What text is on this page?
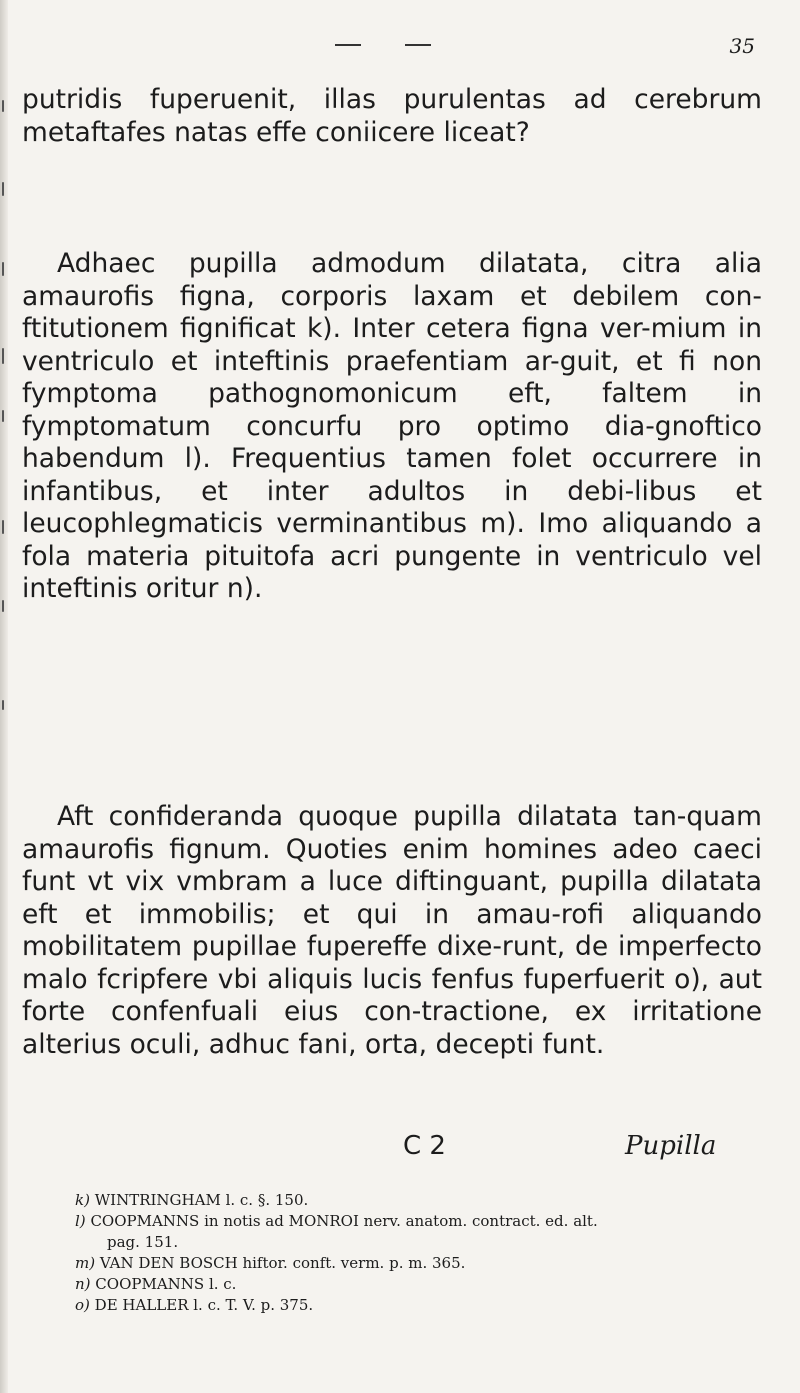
35

putridis fuperuenit, illas purulentas ad cerebrum metaftafes natas effe coniicere liceat?

Adhaec pupilla admodum dilatata, citra alia amaurofis figna, corporis laxam et debilem con-ftitutionem fignificat k). Inter cetera figna ver-mium in ventriculo et inteftinis praefentiam ar-guit, et fi non fymptoma pathognomonicum eft, faltem in fymptomatum concurfu pro optimo dia-gnoftico habendum l). Frequentius tamen folet occurrere in infantibus, et inter adultos in debi-libus et leucophlegmaticis verminantibus m). Imo aliquando a fola materia pituitofa acri pungente in ventriculo vel inteftinis oritur n).

Aft confideranda quoque pupilla dilatata tan-quam amaurofis fignum. Quoties enim homines adeo caeci funt vt vix vmbram a luce diftinguant, pupilla dilatata eft et immobilis; et qui in amau-rofi aliquando mobilitatem pupillae fupereffe dixe-runt, de imperfecto malo fcripfere vbi aliquis lucis fenfus fuperfuerit o), aut forte confenfuali eius con-tractione, ex irritatione alterius oculi, adhuc fani, orta, decepti funt.

C 2	Pupilla
k) WINTRINGHAM l. c. §. 150.
l) COOPMANNS in notis ad MONROI nerv. anatom. contract. ed. alt.
pag. 151.
m) VAN DEN BOSCH hiftor. conft. verm. p. m. 365.
n) COOPMANNS l. c.
o) DE HALLER l. c. T. V. p. 375.
